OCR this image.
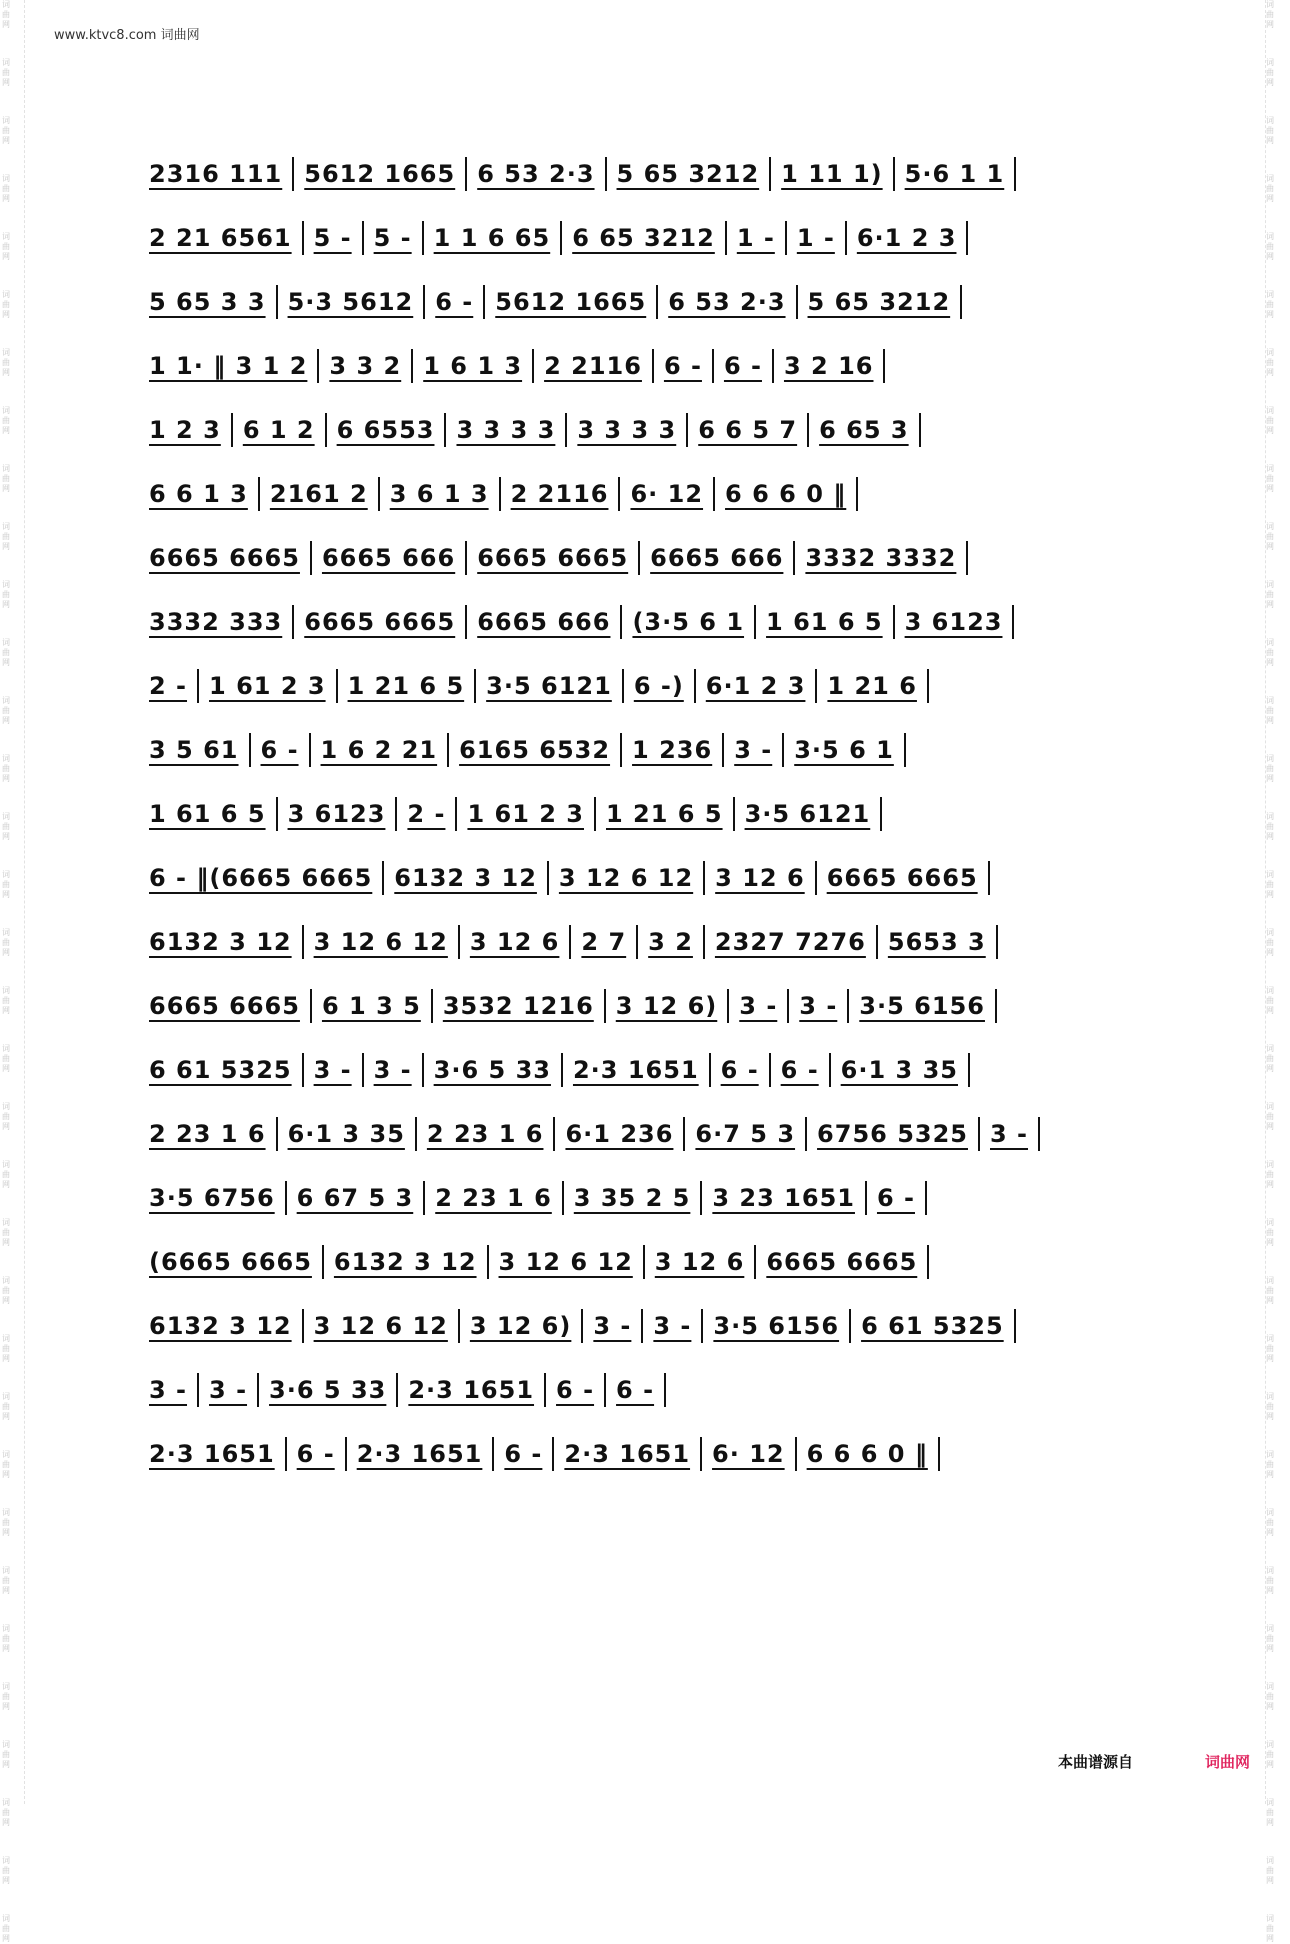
词曲网
词曲网
词曲网
词曲网
词曲网
词曲网
词曲网
词曲网
词曲网
词曲网
词曲网
词曲网
词曲网
词曲网
词曲网
词曲网
词曲网
词曲网
词曲网
词曲网
词曲网
词曲网
词曲网
词曲网
词曲网
词曲网
词曲网
词曲网
词曲网
词曲网
词曲网
词曲网
词曲网
词曲网
词曲网
词曲网
词曲网
词曲网
词曲网
词曲网
词曲网
词曲网
词曲网
词曲网
词曲网
词曲网
词曲网
词曲网
词曲网
词曲网
词曲网
词曲网
词曲网
词曲网
词曲网
词曲网
词曲网
词曲网
词曲网
词曲网
词曲网
词曲网
词曲网
词曲网
词曲网
词曲网
词曲网
词曲网
www.ktvc8.com 词曲网
2316 111 5612 1665 6 53 2·3 5 65 3212 1 11 1) 5·6 1 1
2 21 6561 5 - 5 - 1 1 6 65 6 65 3212 1 - 1 - 6·1 2 3
5 65 3 3 5·3 5612 6 - 5612 1665 6 53 2·3 5 65 3212
1 1· ‖ 3 1 2 3 3 2 1 6 1 3 2 2116 6 - 6 - 3 2 16
1 2 3 6 1 2 6 6553 3 3 3 3 3 3 3 3 6 6 5 7 6 65 3
6 6 1 3 2161 2 3 6 1 3 2 2116 6· 12 6 6 6 0 ‖
6665 6665 6665 666 6665 6665 6665 666 3332 3332
3332 333 6665 6665 6665 666 (3·5 6 1 1 61 6 5 3 6123
2 - 1 61 2 3 1 21 6 5 3·5 6121 6 -) 6·1 2 3 1 21 6
3 5 61 6 - 1 6 2 21 6165 6532 1 236 3 - 3·5 6 1
1 61 6 5 3 6123 2 - 1 61 2 3 1 21 6 5 3·5 6121
6 - ‖(6665 6665 6132 3 12 3 12 6 12 3 12 6 6665 6665
6132 3 12 3 12 6 12 3 12 6 2 7 3 2 2327 7276 5653 3
6665 6665 6 1 3 5 3532 1216 3 12 6) 3 - 3 - 3·5 6156
6 61 5325 3 - 3 - 3·6 5 33 2·3 1651 6 - 6 - 6·1 3 35
2 23 1 6 6·1 3 35 2 23 1 6 6·1 236 6·7 5 3 6756 5325 3 -
3·5 6756 6 67 5 3 2 23 1 6 3 35 2 5 3 23 1651 6 -
(6665 6665 6132 3 12 3 12 6 12 3 12 6 6665 6665
6132 3 12 3 12 6 12 3 12 6) 3 - 3 - 3·5 6156 6 61 5325
3 - 3 - 3·6 5 33 2·3 1651 6 - 6 -
2·3 1651 6 - 2·3 1651 6 - 2·3 1651 6· 12 6 6 6 0 ‖
本曲谱源自	词曲网
